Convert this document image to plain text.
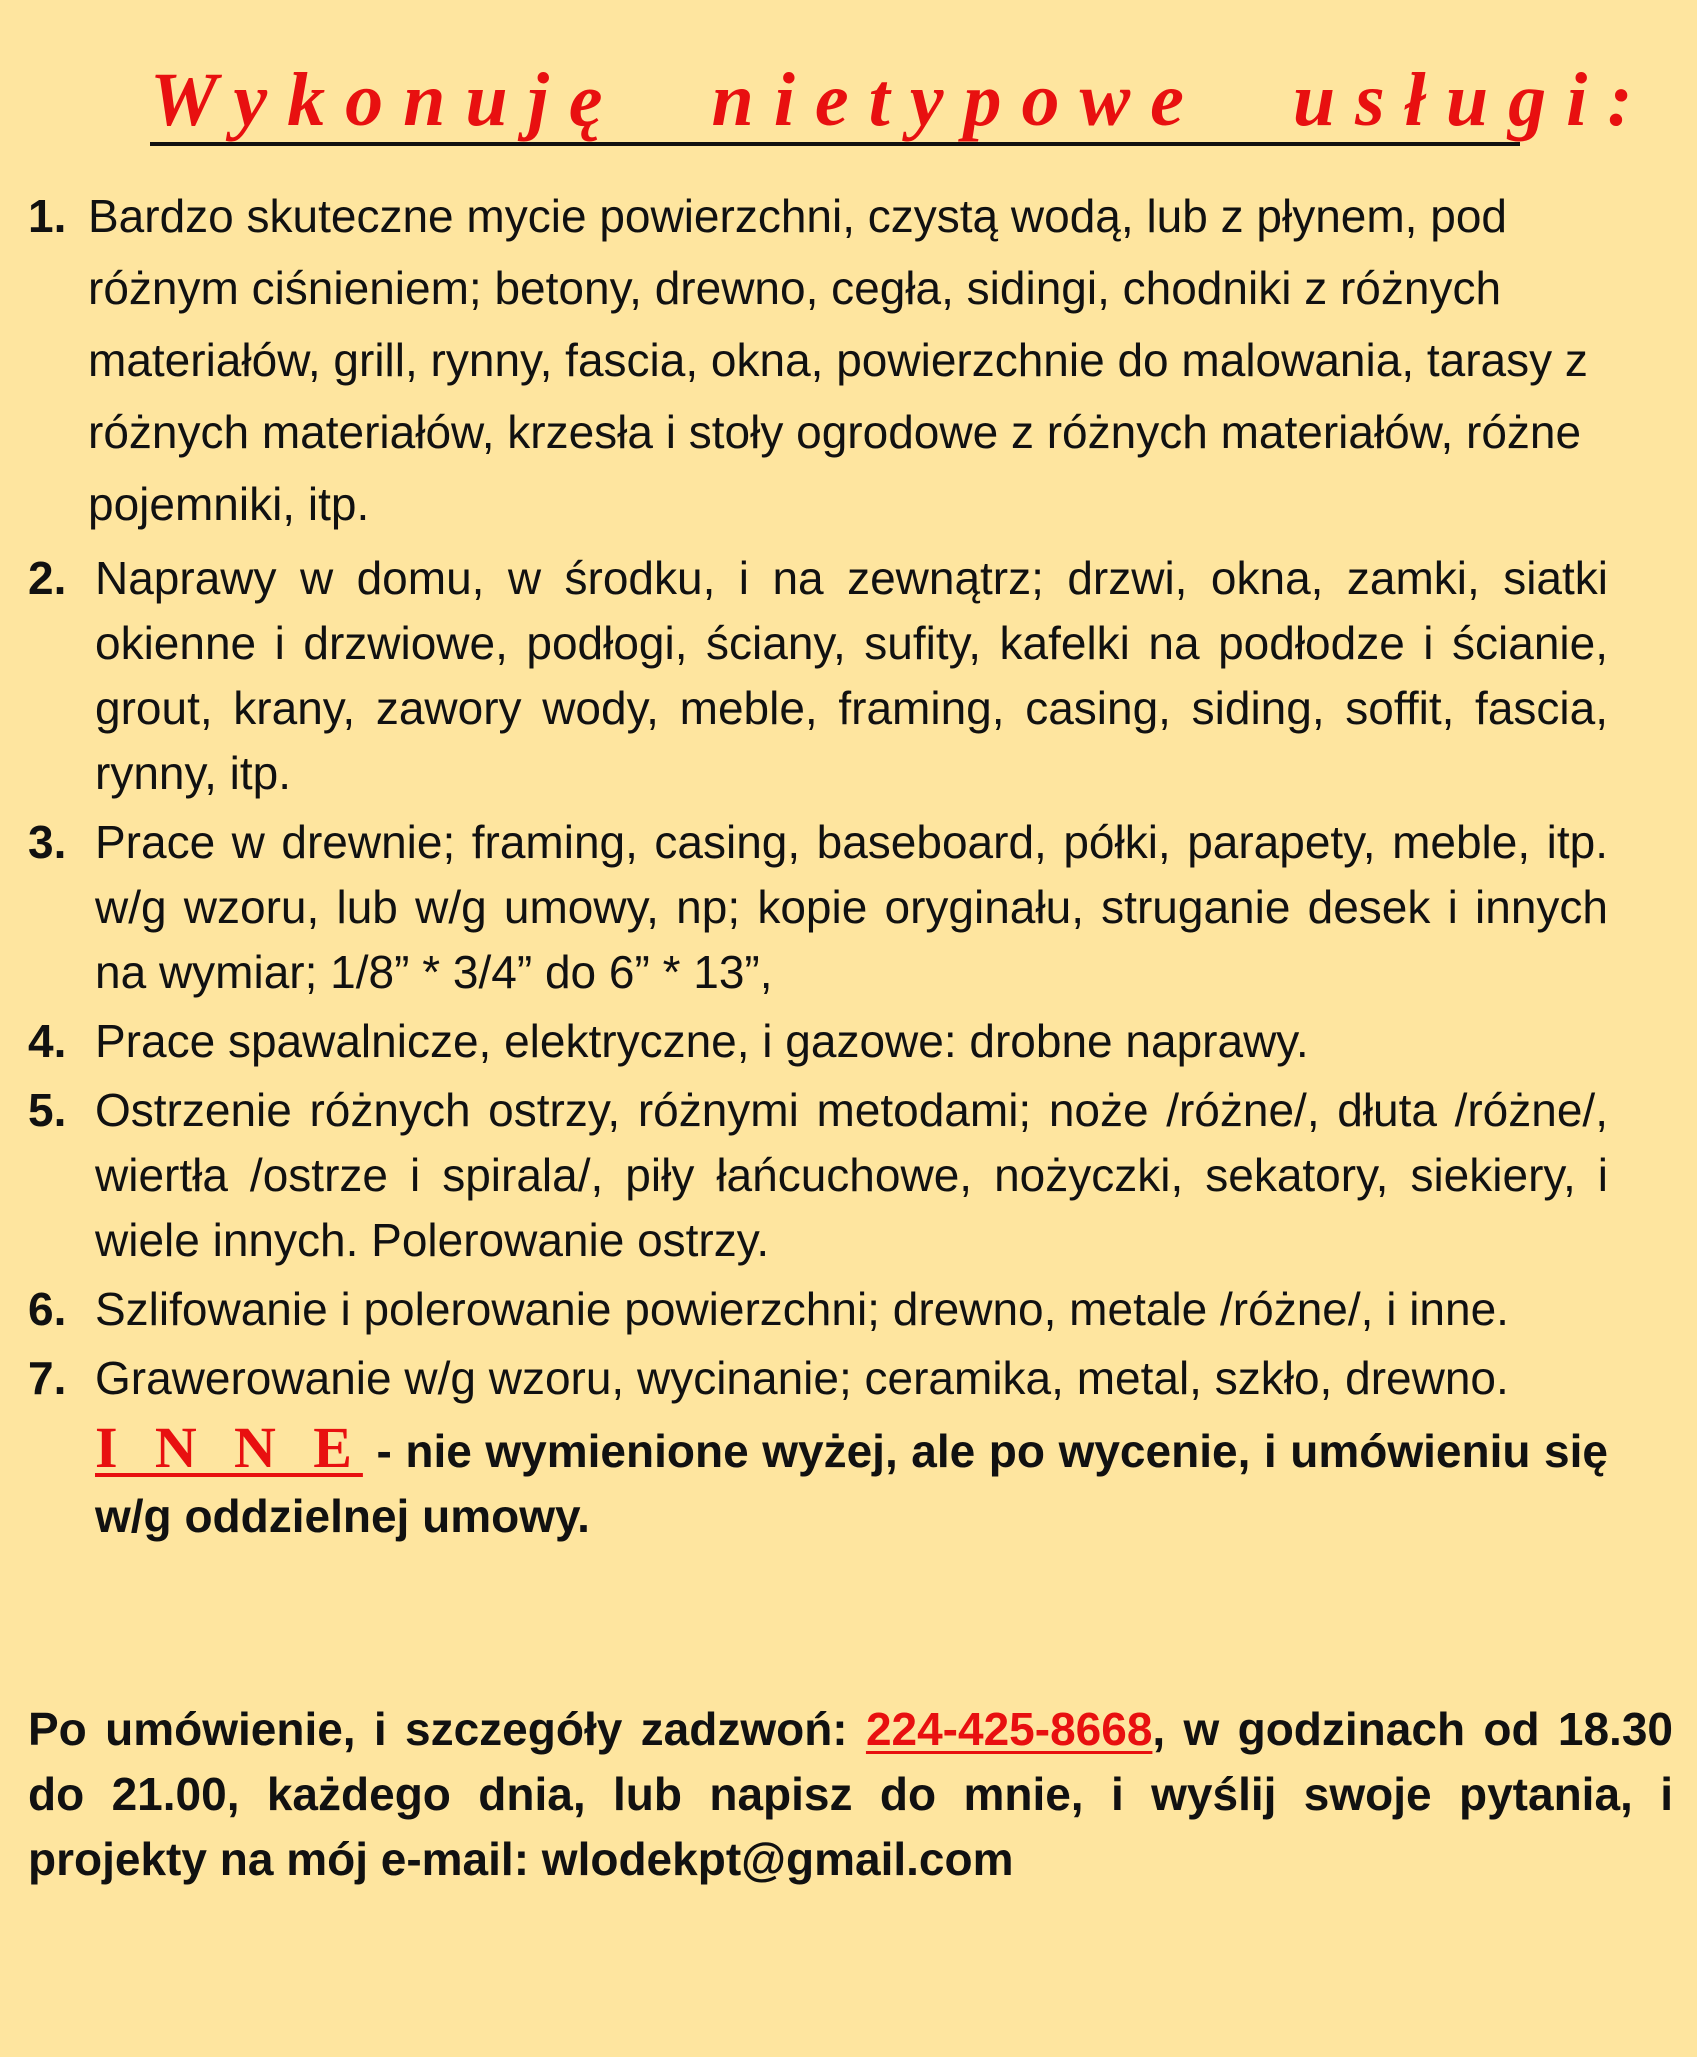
Wykonuję nietypowe usługi:
1. Bardzo skuteczne mycie powierzchni, czystą wodą, lub z płynem, pod różnym ciśnieniem; betony, drewno, cegła, sidingi, chodniki z różnych materiałów, grill, rynny, fascia, okna, powierzchnie do malowania, tarasy z różnych materiałów, krzesła i stoły ogrodowe z różnych materiałów, różne pojemniki, itp.
2. Naprawy w domu, w środku, i na zewnątrz; drzwi, okna, zamki, siatki okienne i drzwiowe, podłogi, ściany, sufity, kafelki na podłodze i ścianie, grout, krany, zawory wody, meble, framing, casing, siding, soffit, fascia, rynny, itp.
3. Prace w drewnie; framing, casing, baseboard, półki, parapety, meble, itp. w/g wzoru, lub w/g umowy, np; kopie oryginału, struganie desek i innych na wymiar; 1/8” * 3/4” do 6” * 13”,
4. Prace spawalnicze, elektryczne, i gazowe: drobne naprawy.
5. Ostrzenie różnych ostrzy, różnymi metodami; noże /różne/, dłuta /różne/, wiertła /ostrze i spirala/, piły łańcuchowe, nożyczki, sekatory, siekiery, i wiele innych. Polerowanie ostrzy.
6. Szlifowanie i polerowanie powierzchni; drewno, metale /różne/, i inne.
7. Grawerowanie w/g wzoru, wycinanie; ceramika, metal, szkło, drewno.
I N N E - nie wymienione wyżej, ale po wycenie, i umówieniu się w/g oddzielnej umowy.

Po umówienie, i szczegóły zadzwoń: 224-425-8668, w godzinach od 18.30 do 21.00, każdego dnia, lub napisz do mnie, i wyślij swoje pytania, i projekty na mój e-mail: wlodekpt@gmail.com
